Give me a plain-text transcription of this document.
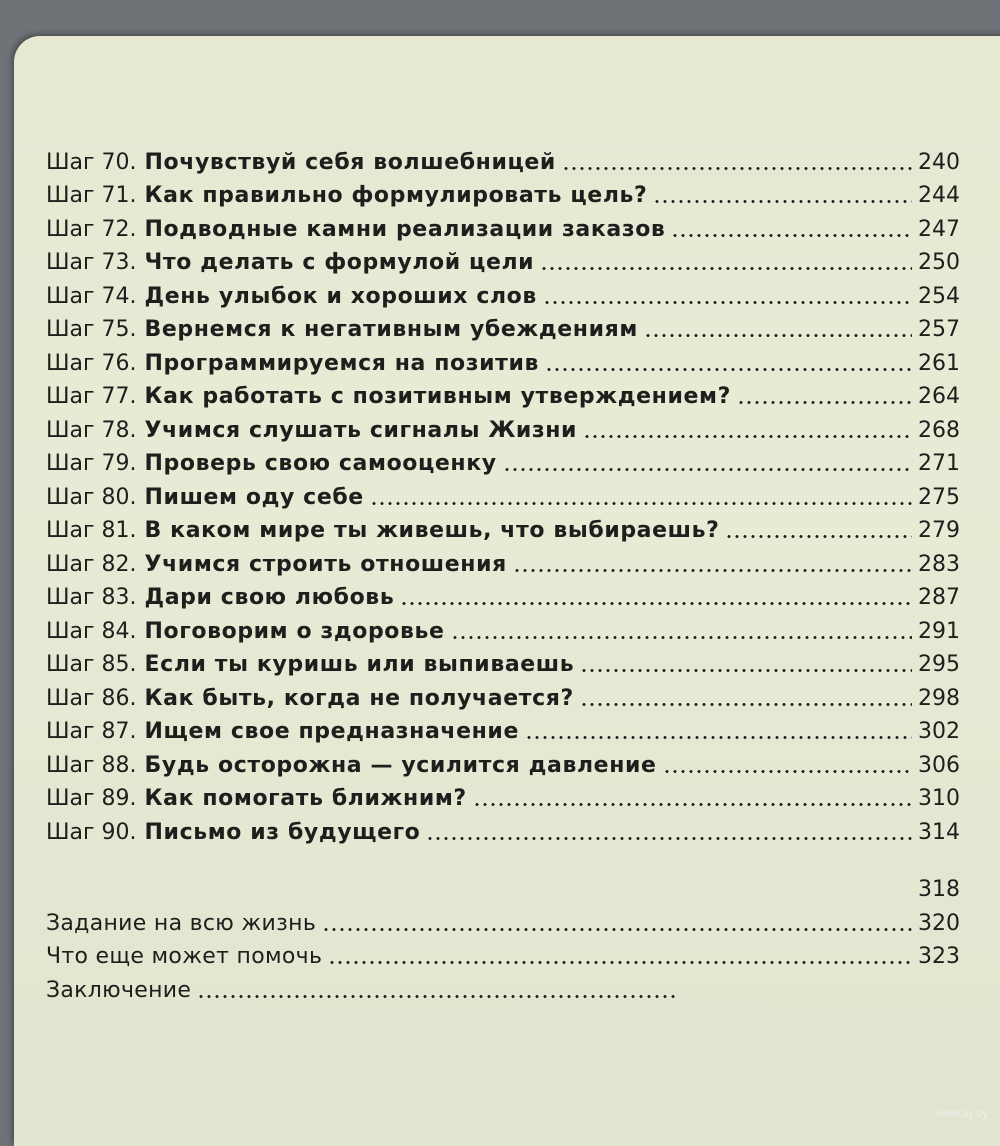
Шаг 70. Почувствуй себя волшебницей	240
Шаг 71. Как правильно формулировать цель?	244
Шаг 72. Подводные камни реализации заказов	247
Шаг 73. Что делать с формулой цели	250
Шаг 74. День улыбок и хороших слов	254
Шаг 75. Вернемся к негативным убеждениям	257
Шаг 76. Программируемся на позитив	261
Шаг 77. Как работать с позитивным утверждением?	264
Шаг 78. Учимся слушать сигналы Жизни	268
Шаг 79. Проверь свою самооценку	271
Шаг 80. Пишем оду себе	275
Шаг 81. В каком мире ты живешь, что выбираешь?	279
Шаг 82. Учимся строить отношения	283
Шаг 83. Дари свою любовь	287
Шаг 84. Поговорим о здоровье	291
Шаг 85. Если ты куришь или выпиваешь	295
Шаг 86. Как быть, когда не получается?	298
Шаг 87. Ищем свое предназначение	302
Шаг 88. Будь осторожна — усилится давление	306
Шаг 89. Как помогать ближним?	310
Шаг 90. Письмо из будущего	314
318
Задание на всю жизнь	320
Что еще может помочь	323
Заключение
www.ay.by
